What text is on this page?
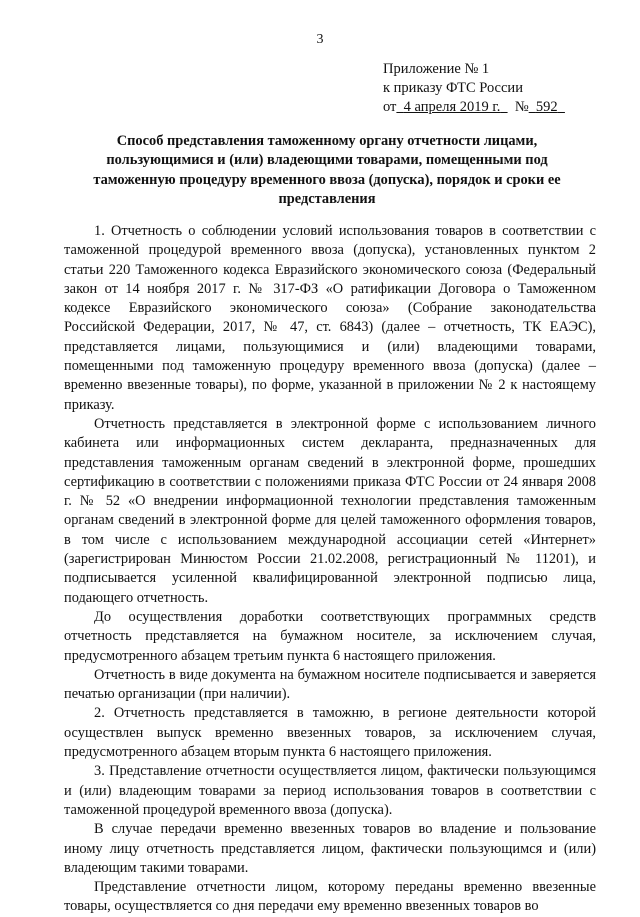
3
Приложение № 1
к приказу ФТС России
от 4 апреля 2019 г. № 592
Способ представления таможенному органу отчетности лицами, пользующимися и (или) владеющими товарами, помещенными под таможенную процедуру временного ввоза (допуска), порядок и сроки ее представления

1. Отчетность о соблюдении условий использования товаров в соответствии с таможенной процедурой временного ввоза (допуска), установленных пунктом 2 статьи 220 Таможенного кодекса Евразийского экономического союза (Федеральный закон от 14 ноября 2017 г. № 317-ФЗ «О ратификации Договора о Таможенном кодексе Евразийского экономического союза» (Собрание законодательства Российской Федерации, 2017, № 47, ст. 6843) (далее – отчетность, ТК ЕАЭС), представляется лицами, пользующимися и (или) владеющими товарами, помещенными под таможенную процедуру временного ввоза (допуска) (далее – временно ввезенные товары), по форме, указанной в приложении № 2 к настоящему приказу.

Отчетность представляется в электронной форме с использованием личного кабинета или информационных систем декларанта, предназначенных для представления таможенным органам сведений в электронной форме, прошедших сертификацию в соответствии с положениями приказа ФТС России от 24 января 2008 г. № 52 «О внедрении информационной технологии представления таможенным органам сведений в электронной форме для целей таможенного оформления товаров, в том числе с использованием международной ассоциации сетей «Интернет» (зарегистрирован Минюстом России 21.02.2008, регистрационный № 11201), и подписывается усиленной квалифицированной электронной подписью лица, подающего отчетность.

До осуществления доработки соответствующих программных средств отчетность представляется на бумажном носителе, за исключением случая, предусмотренного абзацем третьим пункта 6 настоящего приложения.

Отчетность в виде документа на бумажном носителе подписывается и заверяется печатью организации (при наличии).

2. Отчетность представляется в таможню, в регионе деятельности которой осуществлен выпуск временно ввезенных товаров, за исключением случая, предусмотренного абзацем вторым пункта 6 настоящего приложения.

3. Представление отчетности осуществляется лицом, фактически пользующимся и (или) владеющим товарами за период использования товаров в соответствии с таможенной процедурой временного ввоза (допуска).

В случае передачи временно ввезенных товаров во владение и пользование иному лицу отчетность представляется лицом, фактически пользующимся и (или) владеющим такими товарами.

Представление отчетности лицом, которому переданы временно ввезенные товары, осуществляется со дня передачи ему временно ввезенных товаров во
